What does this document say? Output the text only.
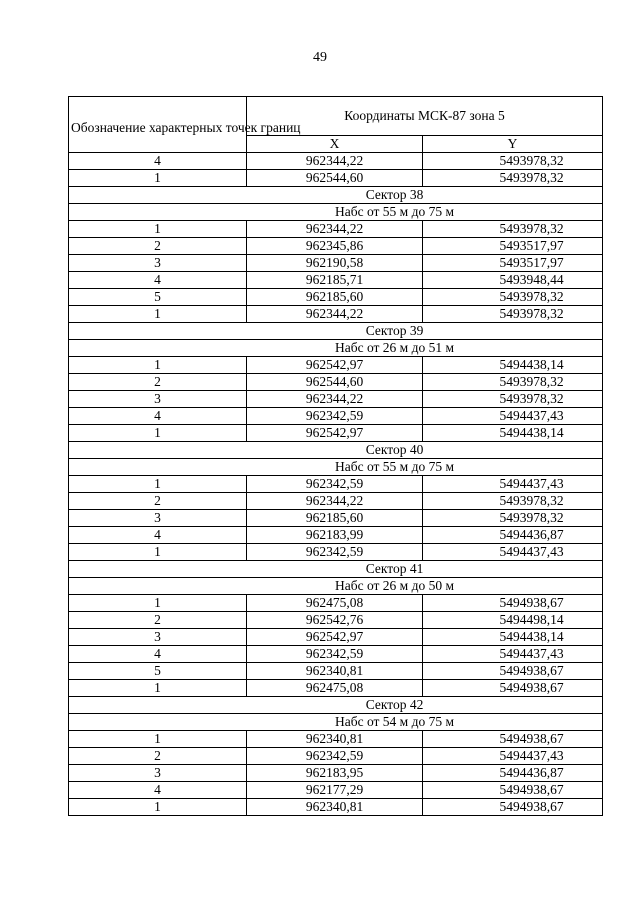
49
Обозначение характерных точек границ	Координаты МСК-87 зона 5	
	X	Y
4	962344,22	5493978,32
1	962544,60	5493978,32
Сектор 38		
Набс от 55 м до 75 м		
1	962344,22	5493978,32
2	962345,86	5493517,97
3	962190,58	5493517,97
4	962185,71	5493948,44
5	962185,60	5493978,32
1	962344,22	5493978,32
Сектор 39		
Набс от 26 м до 51 м		
1	962542,97	5494438,14
2	962544,60	5493978,32
3	962344,22	5493978,32
4	962342,59	5494437,43
1	962542,97	5494438,14
Сектор 40		
Набс от 55 м до 75 м		
1	962342,59	5494437,43
2	962344,22	5493978,32
3	962185,60	5493978,32
4	962183,99	5494436,87
1	962342,59	5494437,43
Сектор 41		
Набс от 26 м до 50 м		
1	962475,08	5494938,67
2	962542,76	5494498,14
3	962542,97	5494438,14
4	962342,59	5494437,43
5	962340,81	5494938,67
1	962475,08	5494938,67
Сектор 42		
Набс от 54 м до 75 м		
1	962340,81	5494938,67
2	962342,59	5494437,43
3	962183,95	5494436,87
4	962177,29	5494938,67
1	962340,81	5494938,67
